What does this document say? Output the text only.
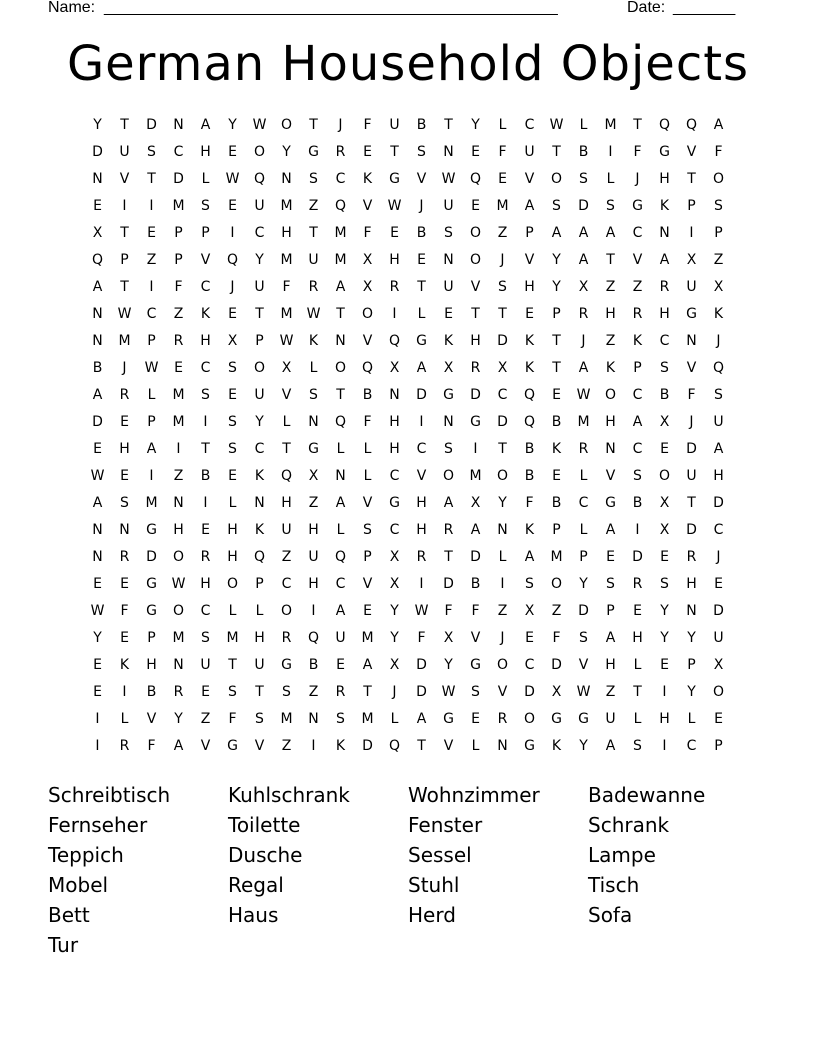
Name: ___________________________________________________	Date: _______
German Household Objects
Y	T	D	N	A	Y	W	O	T	J	F	U	B	T	Y	L	C	W	L	M	T	Q	Q	A
D	U	S	C	H	E	O	Y	G	R	E	T	S	N	E	F	U	T	B	I	F	G	V	F
N	V	T	D	L	W	Q	N	S	C	K	G	V	W	Q	E	V	O	S	L	J	H	T	O
E	I	I	M	S	E	U	M	Z	Q	V	W	J	U	E	M	A	S	D	S	G	K	P	S
X	T	E	P	P	I	C	H	T	M	F	E	B	S	O	Z	P	A	A	A	C	N	I	P
Q	P	Z	P	V	Q	Y	M	U	M	X	H	E	N	O	J	V	Y	A	T	V	A	X	Z
A	T	I	F	C	J	U	F	R	A	X	R	T	U	V	S	H	Y	X	Z	Z	R	U	X
N	W	C	Z	K	E	T	M	W	T	O	I	L	E	T	T	E	P	R	H	R	H	G	K
N	M	P	R	H	X	P	W	K	N	V	Q	G	K	H	D	K	T	J	Z	K	C	N	J
B	J	W	E	C	S	O	X	L	O	Q	X	A	X	R	X	K	T	A	K	P	S	V	Q
A	R	L	M	S	E	U	V	S	T	B	N	D	G	D	C	Q	E	W	O	C	B	F	S
D	E	P	M	I	S	Y	L	N	Q	F	H	I	N	G	D	Q	B	M	H	A	X	J	U
E	H	A	I	T	S	C	T	G	L	L	H	C	S	I	T	B	K	R	N	C	E	D	A
W	E	I	Z	B	E	K	Q	X	N	L	C	V	O	M	O	B	E	L	V	S	O	U	H
A	S	M	N	I	L	N	H	Z	A	V	G	H	A	X	Y	F	B	C	G	B	X	T	D
N	N	G	H	E	H	K	U	H	L	S	C	H	R	A	N	K	P	L	A	I	X	D	C
N	R	D	O	R	H	Q	Z	U	Q	P	X	R	T	D	L	A	M	P	E	D	E	R	J
E	E	G	W	H	O	P	C	H	C	V	X	I	D	B	I	S	O	Y	S	R	S	H	E
W	F	G	O	C	L	L	O	I	A	E	Y	W	F	F	Z	X	Z	D	P	E	Y	N	D
Y	E	P	M	S	M	H	R	Q	U	M	Y	F	X	V	J	E	F	S	A	H	Y	Y	U
E	K	H	N	U	T	U	G	B	E	A	X	D	Y	G	O	C	D	V	H	L	E	P	X
E	I	B	R	E	S	T	S	Z	R	T	J	D	W	S	V	D	X	W	Z	T	I	Y	O
I	L	V	Y	Z	F	S	M	N	S	M	L	A	G	E	R	O	G	G	U	L	H	L	E
I	R	F	A	V	G	V	Z	I	K	D	Q	T	V	L	N	G	K	Y	A	S	I	C	P
Schreibtisch	Kuhlschrank	Wohnzimmer	Badewanne
Fernseher	Toilette	Fenster	Schrank
Teppich	Dusche	Sessel	Lampe
Mobel	Regal	Stuhl	Tisch
Bett	Haus	Herd	Sofa
Tur
